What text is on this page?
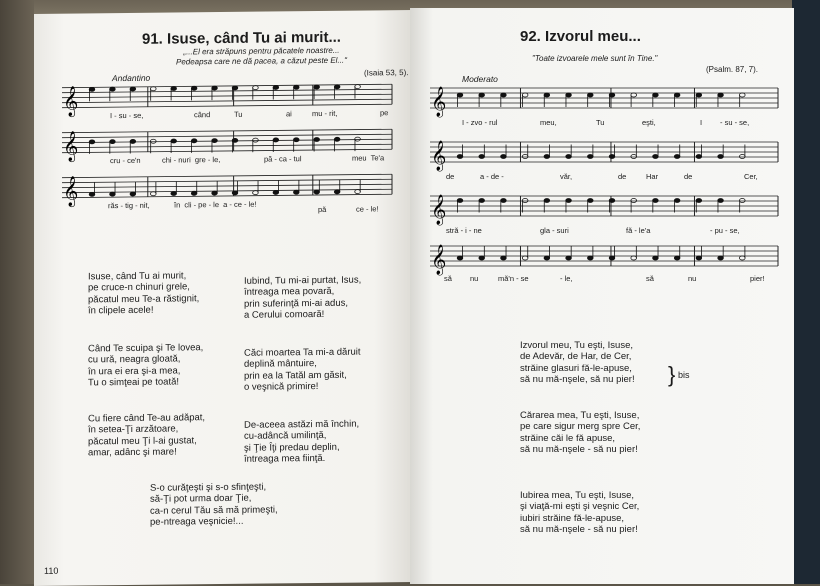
91. Isuse, când Tu ai murit...
„...El era străpuns pentru păcatele noastre...
Pedeapsa care ne dă pacea, a căzut peste El..."
(Isaia 53, 5).
Andantino
𝄞	I - su - se,	când	Tu	ai	mu - rit,	pe
𝄞	cru - ce'n	chi - nuri  gre - le,	pă - ca - tul	meu  Te'a
𝄞	răs - tig - nit,	în  cli - pe - le  a - ce - le!	pă	ce - le!
Isuse, când Tu ai murit,
pe cruce-n chinuri grele,
păcatul meu Te-a răstignit,
în clipele acele!
Iubind, Tu mi-ai purtat, Isus,
întreaga mea povară,
prin suferinţă mi-ai adus,
a Cerului comoară!
Când Te scuipa şi Te lovea,
cu ură, neagra gloată,
în ura ei era şi-a mea,
Tu o simţeai pe toată!
Căci moartea Ta mi-a dăruit
deplină mântuire,
prin ea la Tatăl am găsit,
o veşnică primire!
Cu fiere când Te-au adăpat,
în setea-Ţi arzătoare,
păcatul meu Ţi l-ai gustat,
amar, adânc şi mare!
De-aceea astăzi mă închin,
cu-adâncă umilinţă,
şi Ţie Îţi predau deplin,
întreaga mea fiinţă.
S-o curăţeşti şi s-o sfinţeşti,
să-Ţi pot urma doar Ţie,
ca-n cerul Tău să mă primeşti,
pe-ntreaga veşnicie!...
110
92. Izvorul meu...
"Toate izvoarele mele sunt în Tine."
(Psalm. 87, 7).
Moderato
𝄞
I - zvo - rul	meu,	Tu	eşti,	I - su - se,
𝄞
de	a - de -	văr,	de	Har	de	Cer,
𝄞
stră - i - ne	gla - suri	fă - le'a	- pu - se,
𝄞
să nu	mă'n - se	- le,	să	nu	pier!
Izvorul meu, Tu eşti, Isuse,
de Adevăr, de Har, de Cer,
străine glasuri fă-le-apuse,
să nu mă-nşele, să nu pier! } bis
Cărarea mea, Tu eşti, Isuse,
pe care sigur merg spre Cer,
străine căi le fă apuse,
să nu mă-nşele - să nu pier!
Iubirea mea, Tu eşti, Isuse,
şi viaţă-mi eşti şi veşnic Cer,
iubiri străine fă-le-apuse,
să nu mă-nşele - să nu pier!
